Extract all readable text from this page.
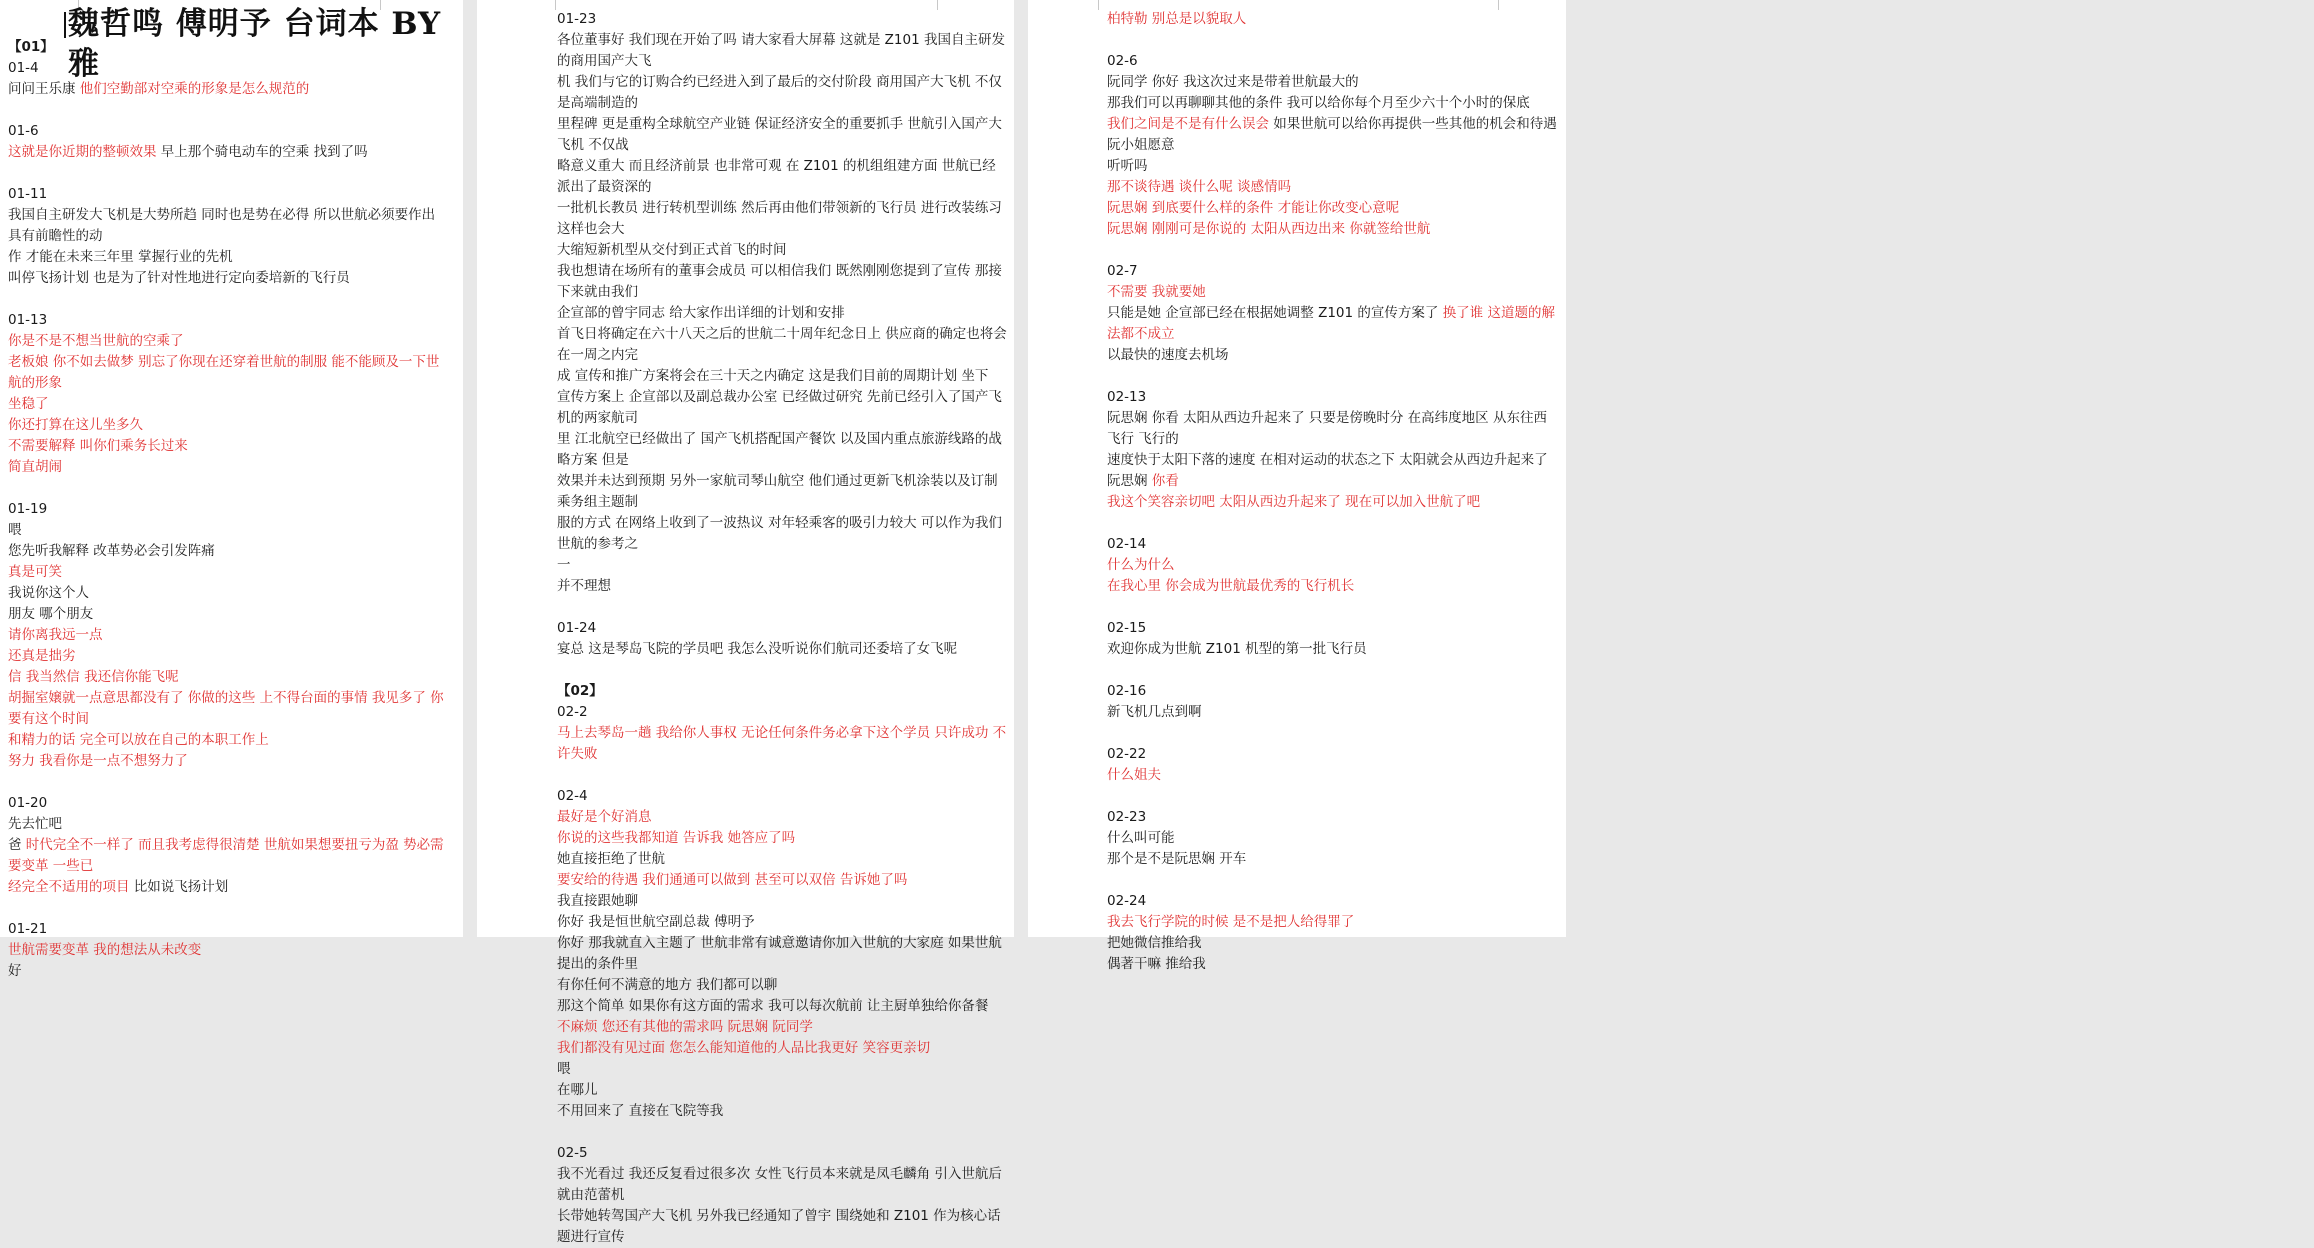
魏哲鸣 傅明予 台词本 BY 雅
【01】
01-4
问问王乐康 他们空勤部对空乘的形象是怎么规范的
01-6
这就是你近期的整顿效果 早上那个骑电动车的空乘 找到了吗
01-11
我国自主研发大飞机是大势所趋 同时也是势在必得 所以世航必须要作出具有前瞻性的动
作 才能在未来三年里 掌握行业的先机
叫停飞扬计划 也是为了针对性地进行定向委培新的飞行员
01-13
你是不是不想当世航的空乘了
老板娘 你不如去做梦 别忘了你现在还穿着世航的制服 能不能顾及一下世航的形象
坐稳了
你还打算在这儿坐多久
不需要解释 叫你们乘务长过来
简直胡闹
01-19
喂
您先听我解释 改革势必会引发阵痛
真是可笑
我说你这个人
朋友 哪个朋友
请你离我远一点
还真是拙劣
信 我当然信 我还信你能飞呢
胡掘室嬢就一点意思都没有了 你做的这些 上不得台面的事情 我见多了 你要有这个时间
和精力的话 完全可以放在自己的本职工作上
努力 我看你是一点不想努力了
01-20
先去忙吧
爸 时代完全不一样了 而且我考虑得很清楚 世航如果想要扭亏为盈 势必需要变革 一些已
经完全不适用的项目 比如说飞扬计划
01-21
世航需要变革 我的想法从未改变
好
01-23
各位董事好 我们现在开始了吗 请大家看大屏幕 这就是 Z101 我国自主研发的商用国产大飞
机 我们与它的订购合约已经进入到了最后的交付阶段 商用国产大飞机 不仅是高端制造的
里程碑 更是重构全球航空产业链 保证经济安全的重要抓手 世航引入国产大飞机 不仅战
略意义重大 而且经济前景 也非常可观 在 Z101 的机组组建方面 世航已经派出了最资深的
一批机长教员 进行转机型训练 然后再由他们带领新的飞行员 进行改装练习 这样也会大
大缩短新机型从交付到正式首飞的时间
我也想请在场所有的董事会成员 可以相信我们 既然刚刚您提到了宣传 那接下来就由我们
企宣部的曾宇同志 给大家作出详细的计划和安排
首飞日将确定在六十八天之后的世航二十周年纪念日上 供应商的确定也将会在一周之内完
成 宣传和推广方案将会在三十天之内确定 这是我们目前的周期计划 坐下
宣传方案上 企宣部以及副总裁办公室 已经做过研究 先前已经引入了国产飞机的两家航司
里 江北航空已经做出了 国产飞机搭配国产餐饮 以及国内重点旅游线路的战略方案 但是
效果并未达到预期 另外一家航司琴山航空 他们通过更新飞机涂装以及订制乘务组主题制
服的方式 在网络上收到了一波热议 对年轻乘客的吸引力较大 可以作为我们世航的参考之
一
并不理想
01-24
宴总 这是琴岛飞院的学员吧 我怎么没听说你们航司还委培了女飞呢
【02】
02-2
马上去琴岛一趟 我给你人事权 无论任何条件务必拿下这个学员 只许成功 不许失败
02-4
最好是个好消息
你说的这些我都知道 告诉我 她答应了吗
她直接拒绝了世航
要安给的待遇 我们通通可以做到 甚至可以双倍 告诉她了吗
我直接跟她聊
你好 我是恒世航空副总裁 傅明予
你好 那我就直入主题了 世航非常有诚意邀请你加入世航的大家庭 如果世航提出的条件里
有你任何不满意的地方 我们都可以聊
那这个简单 如果你有这方面的需求 我可以每次航前 让主厨单独给你备餐
不麻烦 您还有其他的需求吗 阮思娴 阮同学
我们都没有见过面 您怎么能知道他的人品比我更好 笑容更亲切
喂
在哪儿
不用回来了 直接在飞院等我
02-5
我不光看过 我还反复看过很多次 女性飞行员本来就是凤毛麟角 引入世航后 就由范蕾机
长带她转驾国产大飞机 另外我已经通知了曾宇 围绕她和 Z101 作为核心话题进行宣传
柏特勒 别总是以貌取人
02-6
阮同学 你好 我这次过来是带着世航最大的
那我们可以再聊聊其他的条件 我可以给你每个月至少六十个小时的保底
我们之间是不是有什么误会 如果世航可以给你再提供一些其他的机会和待遇 阮小姐愿意
听听吗
那不谈待遇 谈什么呢 谈感情吗
阮思娴 到底要什么样的条件 才能让你改变心意呢
阮思娴 刚刚可是你说的 太阳从西边出来 你就签给世航
02-7
不需要 我就要她
只能是她 企宣部已经在根据她调整 Z101 的宣传方案了 换了谁 这道题的解法都不成立
以最快的速度去机场
02-13
阮思娴 你看 太阳从西边升起来了 只要是傍晚时分 在高纬度地区 从东往西飞行 飞行的
速度快于太阳下落的速度 在相对运动的状态之下 太阳就会从西边升起来了 阮思娴 你看
我这个笑容亲切吧 太阳从西边升起来了 现在可以加入世航了吧
02-14
什么为什么
在我心里 你会成为世航最优秀的飞行机长
02-15
欢迎你成为世航 Z101 机型的第一批飞行员
02-16
新飞机几点到啊
02-22
什么姐夫
02-23
什么叫可能
那个是不是阮思娴 开车
02-24
我去飞行学院的时候 是不是把人给得罪了
把她微信推给我
偶著干嘛 推给我
